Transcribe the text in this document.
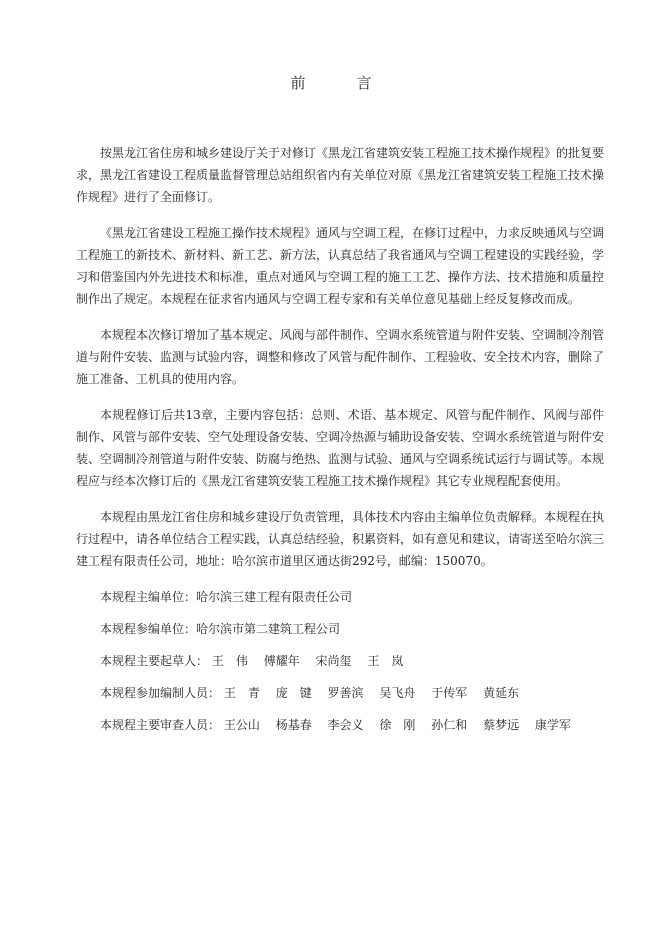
前　言

按黑龙江省住房和城乡建设厅关于对修订《黑龙江省建筑安装工程施工技术操作规程》的批复要求，黑龙江省建设工程质量监督管理总站组织省内有关单位对原《黑龙江省建筑安装工程施工技术操作规程》进行了全面修订。

《黑龙江省建设工程施工操作技术规程》通风与空调工程，在修订过程中，力求反映通风与空调工程施工的新技术、新材料、新工艺、新方法，认真总结了我省通风与空调工程建设的实践经验，学习和借鉴国内外先进技术和标准，重点对通风与空调工程的施工工艺、操作方法、技术措施和质量控制作出了规定。本规程在征求省内通风与空调工程专家和有关单位意见基础上经反复修改而成。

本规程本次修订增加了基本规定、风阀与部件制作、空调水系统管道与附件安装、空调制冷剂管道与附件安装、监测与试验内容，调整和修改了风管与配件制作、工程验收、安全技术内容，删除了施工准备、工机具的使用内容。

本规程修订后共13章，主要内容包括：总则、术语、基本规定、风管与配件制作、风阀与部件制作、风管与部件安装、空气处理设备安装、空调冷热源与辅助设备安装、空调水系统管道与附件安装、空调制冷剂管道与附件安装、防腐与绝热、监测与试验、通风与空调系统试运行与调试等。本规程应与经本次修订后的《黑龙江省建筑安装工程施工技术操作规程》其它专业规程配套使用。

本规程由黑龙江省住房和城乡建设厅负责管理，具体技术内容由主编单位负责解释。本规程在执行过程中，请各单位结合工程实践，认真总结经验，积累资料，如有意见和建议，请寄送至哈尔滨三建工程有限责任公司，地址：哈尔滨市道里区通达街292号，邮编：150070。

本规程主编单位：哈尔滨三建工程有限责任公司
本规程参编单位：哈尔滨市第二建筑工程公司
本规程主要起草人： 王　伟 傅耀年 宋尚玺 王　岚
本规程参加编制人员： 王　青 庞　键 罗善滨 吴飞舟 于传军 黄延东
本规程主要审查人员： 王公山 杨基春 李会义 徐　刚 孙仁和 蔡梦远 康学军
